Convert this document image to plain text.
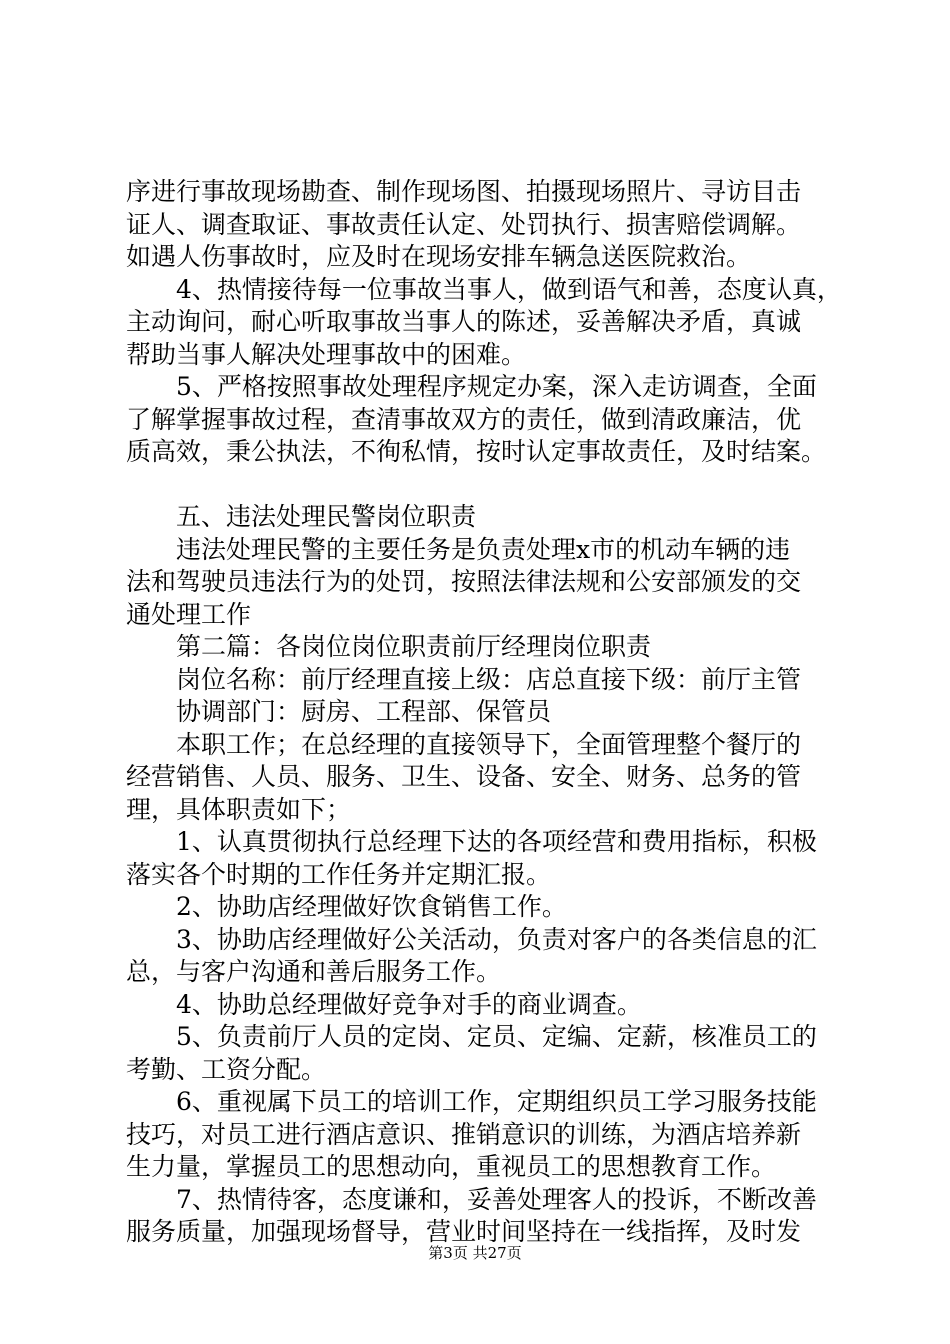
序进行事故现场勘查、制作现场图、拍摄现场照片、寻访目击
证人、调查取证、事故责任认定、处罚执行、损害赔偿调解。
如遇人伤事故时，应及时在现场安排车辆急送医院救治。
4、热情接待每一位事故当事人，做到语气和善，态度认真，
主动询问，耐心听取事故当事人的陈述，妥善解决矛盾，真诚
帮助当事人解决处理事故中的困难。
5、严格按照事故处理程序规定办案，深入走访调查，全面
了解掌握事故过程，查清事故双方的责任，做到清政廉洁，优
质高效，秉公执法，不徇私情，按时认定事故责任，及时结案。
五、违法处理民警岗位职责
违法处理民警的主要任务是负责处理x市的机动车辆的违
法和驾驶员违法行为的处罚，按照法律法规和公安部颁发的交
通处理工作
第二篇：各岗位岗位职责前厅经理岗位职责
岗位名称：前厅经理直接上级：店总直接下级：前厅主管
协调部门：厨房、工程部、保管员
本职工作；在总经理的直接领导下，全面管理整个餐厅的
经营销售、人员、服务、卫生、设备、安全、财务、总务的管
理，具体职责如下；
1、认真贯彻执行总经理下达的各项经营和费用指标，积极
落实各个时期的工作任务并定期汇报。
2、协助店经理做好饮食销售工作。
3、协助店经理做好公关活动，负责对客户的各类信息的汇
总，与客户沟通和善后服务工作。
4、协助总经理做好竞争对手的商业调查。
5、负责前厅人员的定岗、定员、定编、定薪，核准员工的
考勤、工资分配。
6、重视属下员工的培训工作，定期组织员工学习服务技能
技巧，对员工进行酒店意识、推销意识的训练，为酒店培养新
生力量，掌握员工的思想动向，重视员工的思想教育工作。
7、热情待客，态度谦和，妥善处理客人的投诉，不断改善
服务质量，加强现场督导，营业时间坚持在一线指挥，及时发
第3页 共27页
